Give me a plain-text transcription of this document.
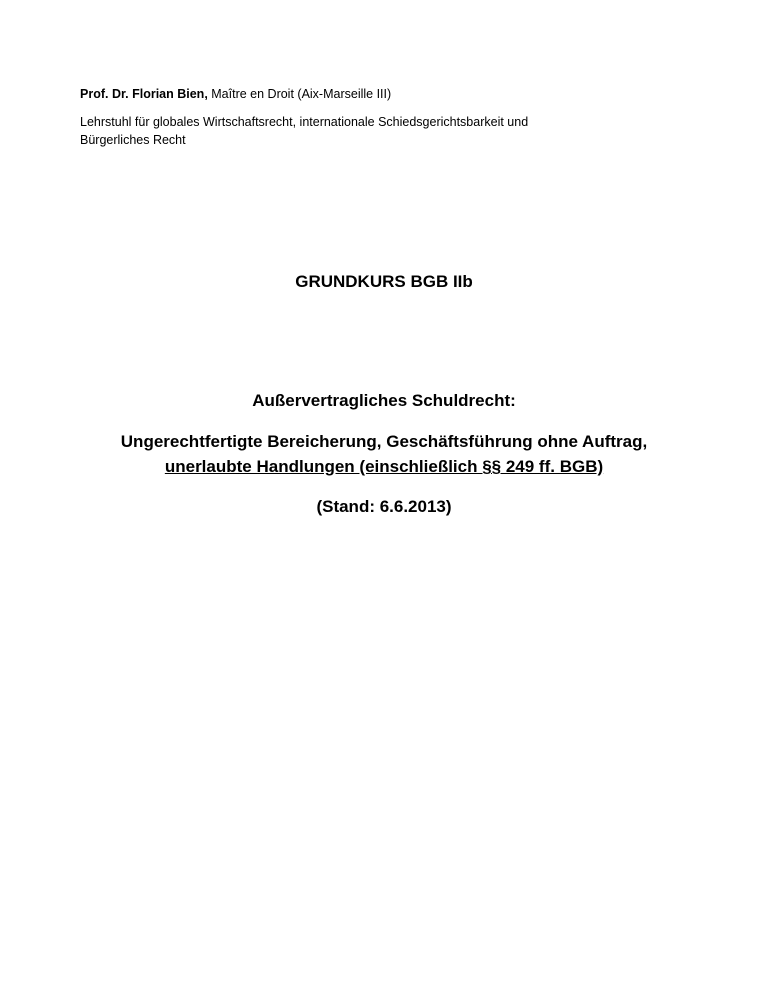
Prof. Dr. Florian Bien, Maître en Droit (Aix-Marseille III)

Lehrstuhl für globales Wirtschaftsrecht, internationale Schiedsgerichtsbarkeit und
Bürgerliches Recht

GRUNDKURS BGB IIb
Außervertragliches Schuldrecht:

Ungerechtfertigte Bereicherung, Geschäftsführung ohne Auftrag,
unerlaubte Handlungen (einschließlich §§ 249 ff. BGB)

(Stand: 6.6.2013)
